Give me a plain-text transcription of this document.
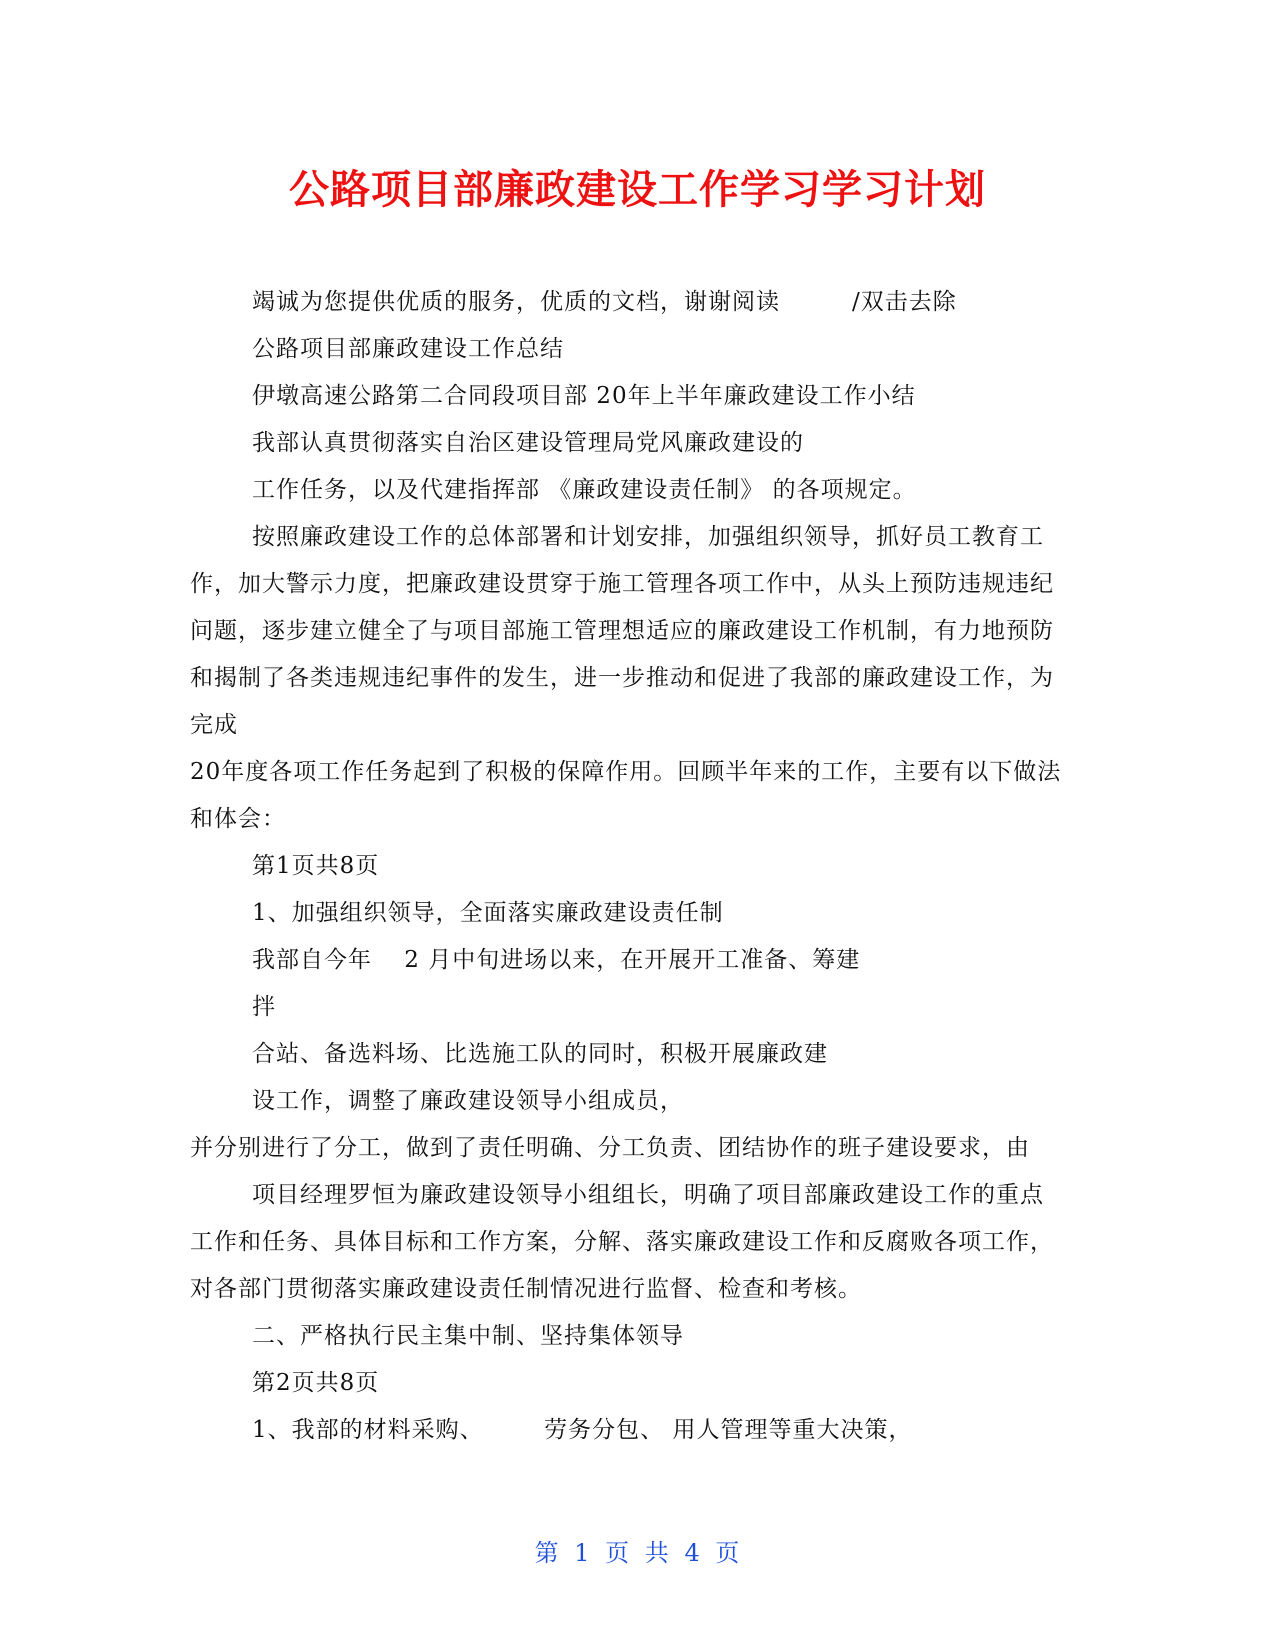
公路项目部廉政建设工作学习学习计划
竭诚为您提供优质的服务，优质的文档，谢谢阅读　　　/双击去除
公路项目部廉政建设工作总结
伊墩高速公路第二合同段项目部 20年上半年廉政建设工作小结
我部认真贯彻落实自治区建设管理局党风廉政建设的
工作任务，以及代建指挥部 《廉政建设责任制》 的各项规定。
按照廉政建设工作的总体部署和计划安排，加强组织领导，抓好员工教育工
作，加大警示力度，把廉政建设贯穿于施工管理各项工作中，从头上预防违规违纪
问题，逐步建立健全了与项目部施工管理想适应的廉政建设工作机制，有力地预防
和揭制了各类违规违纪事件的发生，进一步推动和促进了我部的廉政建设工作，为
完成
20年度各项工作任务起到了积极的保障作用。回顾半年来的工作，主要有以下做法
和体会：
第1页共8页
1、加强组织领导，全面落实廉政建设责任制
我部自今年　 2 月中旬进场以来，在开展开工准备、筹建
拌
合站、备选料场、比选施工队的同时，积极开展廉政建
设工作，调整了廉政建设领导小组成员，
并分别进行了分工，做到了责任明确、分工负责、团结协作的班子建设要求，由
项目经理罗恒为廉政建设领导小组组长，明确了项目部廉政建设工作的重点
工作和任务、具体目标和工作方案，分解、落实廉政建设工作和反腐败各项工作，
对各部门贯彻落实廉政建设责任制情况进行监督、检查和考核。
二、严格执行民主集中制、坚持集体领导
第2页共8页
1、我部的材料采购、　　　劳务分包、 用人管理等重大决策，
第 1 页 共 4 页
